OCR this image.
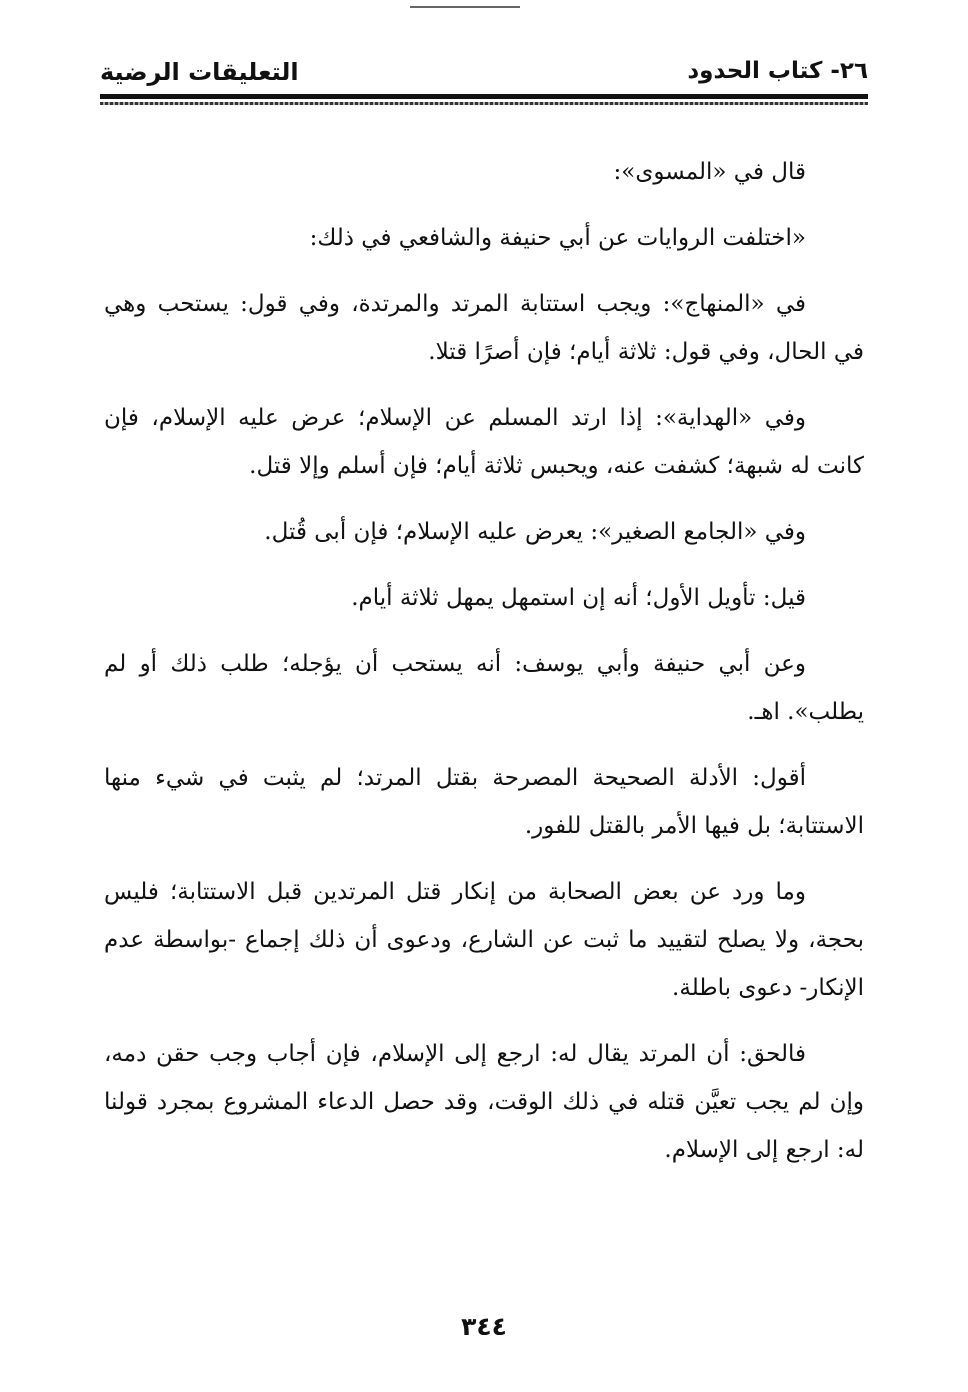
٢٦- كتاب الحدود
التعليقات الرضية

قال في «المسوى»:

«اختلفت الروايات عن أبي حنيفة والشافعي في ذلك:

في «المنهاج»: ويجب استتابة المرتد والمرتدة، وفي قول: يستحب وهي في الحال، وفي قول: ثلاثة أيام؛ فإن أصرًا قتلا.

وفي «الهداية»: إذا ارتد المسلم عن الإسلام؛ عرض عليه الإسلام، فإن كانت له شبهة؛ كشفت عنه، ويحبس ثلاثة أيام؛ فإن أسلم وإلا قتل.

وفي «الجامع الصغير»: يعرض عليه الإسلام؛ فإن أبى قُتل.

قيل: تأويل الأول؛ أنه إن استمهل يمهل ثلاثة أيام.

وعن أبي حنيفة وأبي يوسف: أنه يستحب أن يؤجله؛ طلب ذلك أو لم يطلب». اهـ.

أقول: الأدلة الصحيحة المصرحة بقتل المرتد؛ لم يثبت في شيء منها الاستتابة؛ بل فيها الأمر بالقتل للفور.

وما ورد عن بعض الصحابة من إنكار قتل المرتدين قبل الاستتابة؛ فليس بحجة، ولا يصلح لتقييد ما ثبت عن الشارع، ودعوى أن ذلك إجماع -بواسطة عدم الإنكار- دعوى باطلة.

فالحق: أن المرتد يقال له: ارجع إلى الإسلام، فإن أجاب وجب حقن دمه، وإن لم يجب تعيَّن قتله في ذلك الوقت، وقد حصل الدعاء المشروع بمجرد قولنا له: ارجع إلى الإسلام.

٣٤٤
